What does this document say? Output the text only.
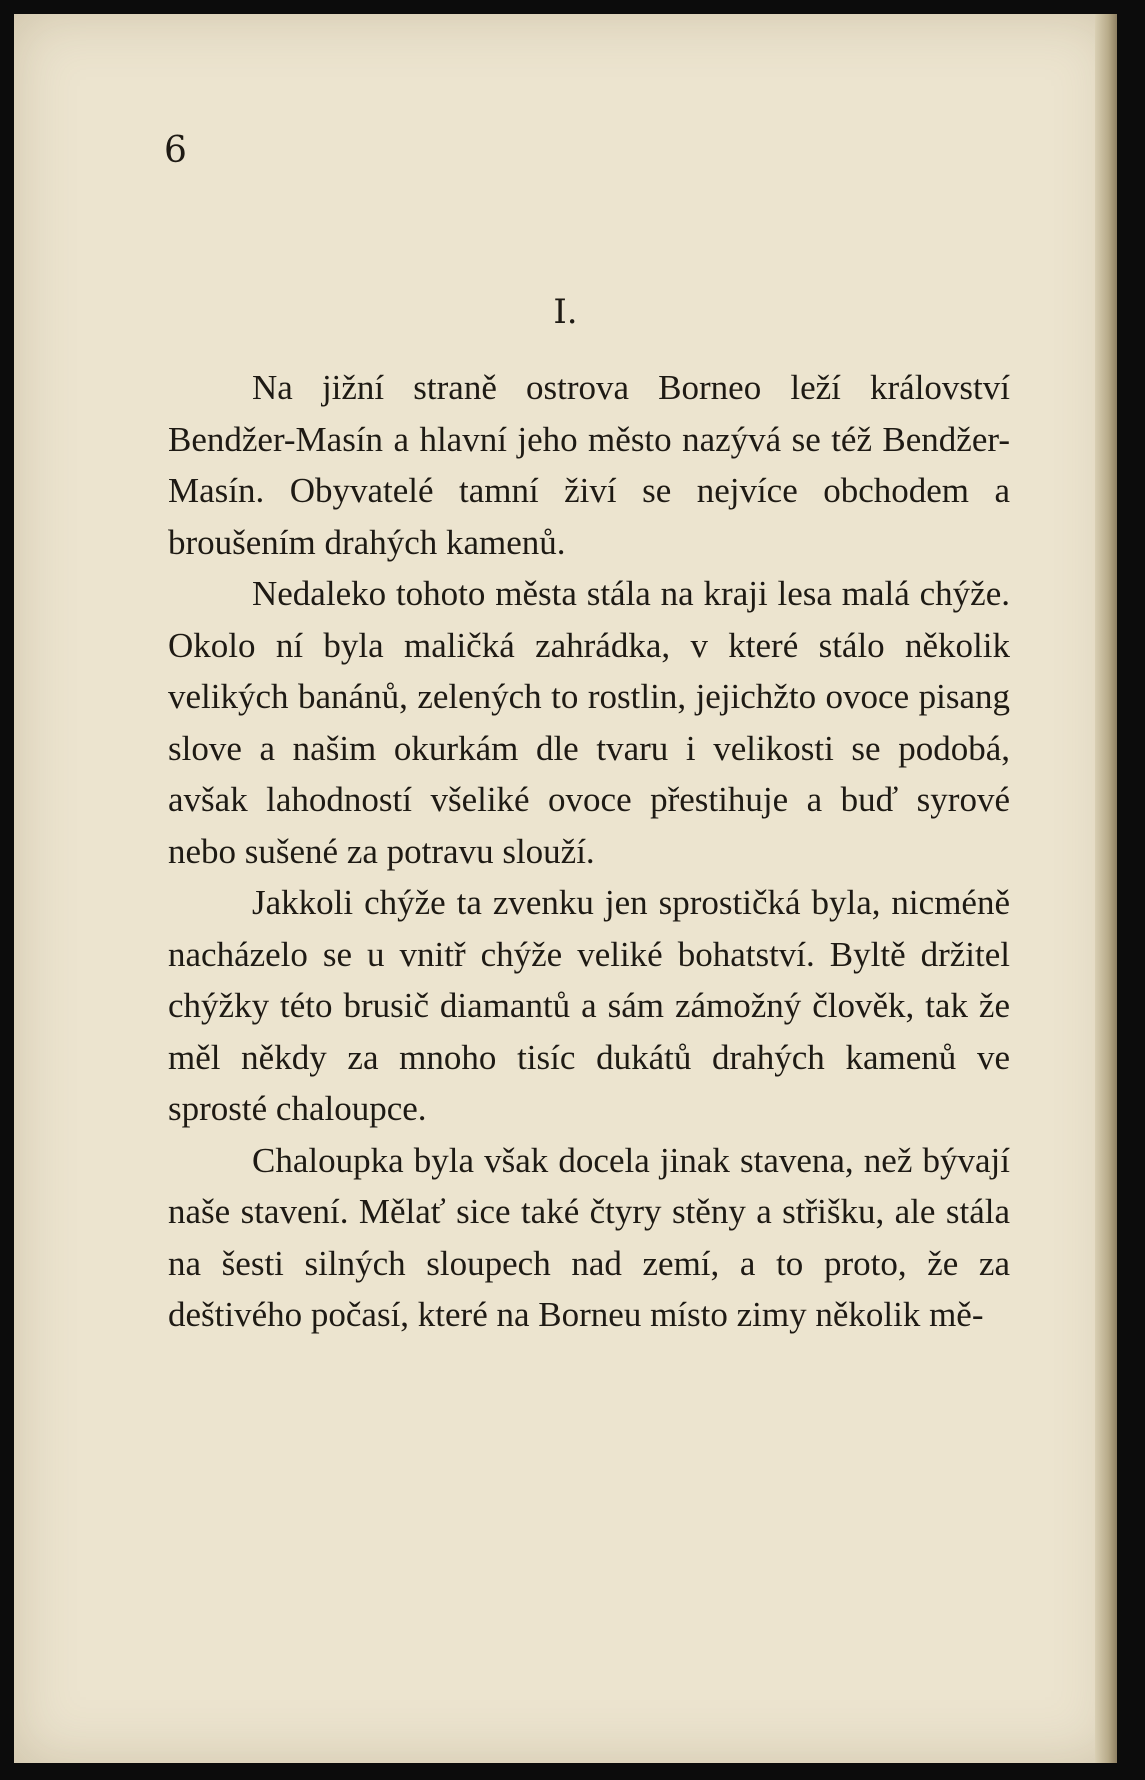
6
I.

Na jižní straně ostrova Borneo leží království Bendžer-Masín a hlavní jeho město nazývá se též Bendžer-Masín. Obyvatelé tamní živí se nejvíce obchodem a broušením drahých kamenů.

Nedaleko tohoto města stála na kraji lesa malá chýže. Okolo ní byla maličká zahrádka, v které stálo několik velikých banánů, zelených to rostlin, jejichžto ovoce pisang slove a našim okurkám dle tvaru i velikosti se podobá, avšak lahodností všeliké ovoce přestihuje a buď syrové nebo sušené za potravu slouží.

Jakkoli chýže ta zvenku jen sprostičká byla, nicméně nacházelo se u vnitř chýže veliké bohatství. Byltě držitel chýžky této brusič diamantů a sám zámožný člověk, tak že měl někdy za mnoho tisíc dukátů drahých kamenů ve sprosté chaloupce.

Chaloupka byla však docela jinak stavena, než bývají naše stavení. Mělať sice také čtyry stěny a střišku, ale stála na šesti silných sloupech nad zemí, a to proto, že za deštivého počasí, které na Borneu místo zimy několik mě-
